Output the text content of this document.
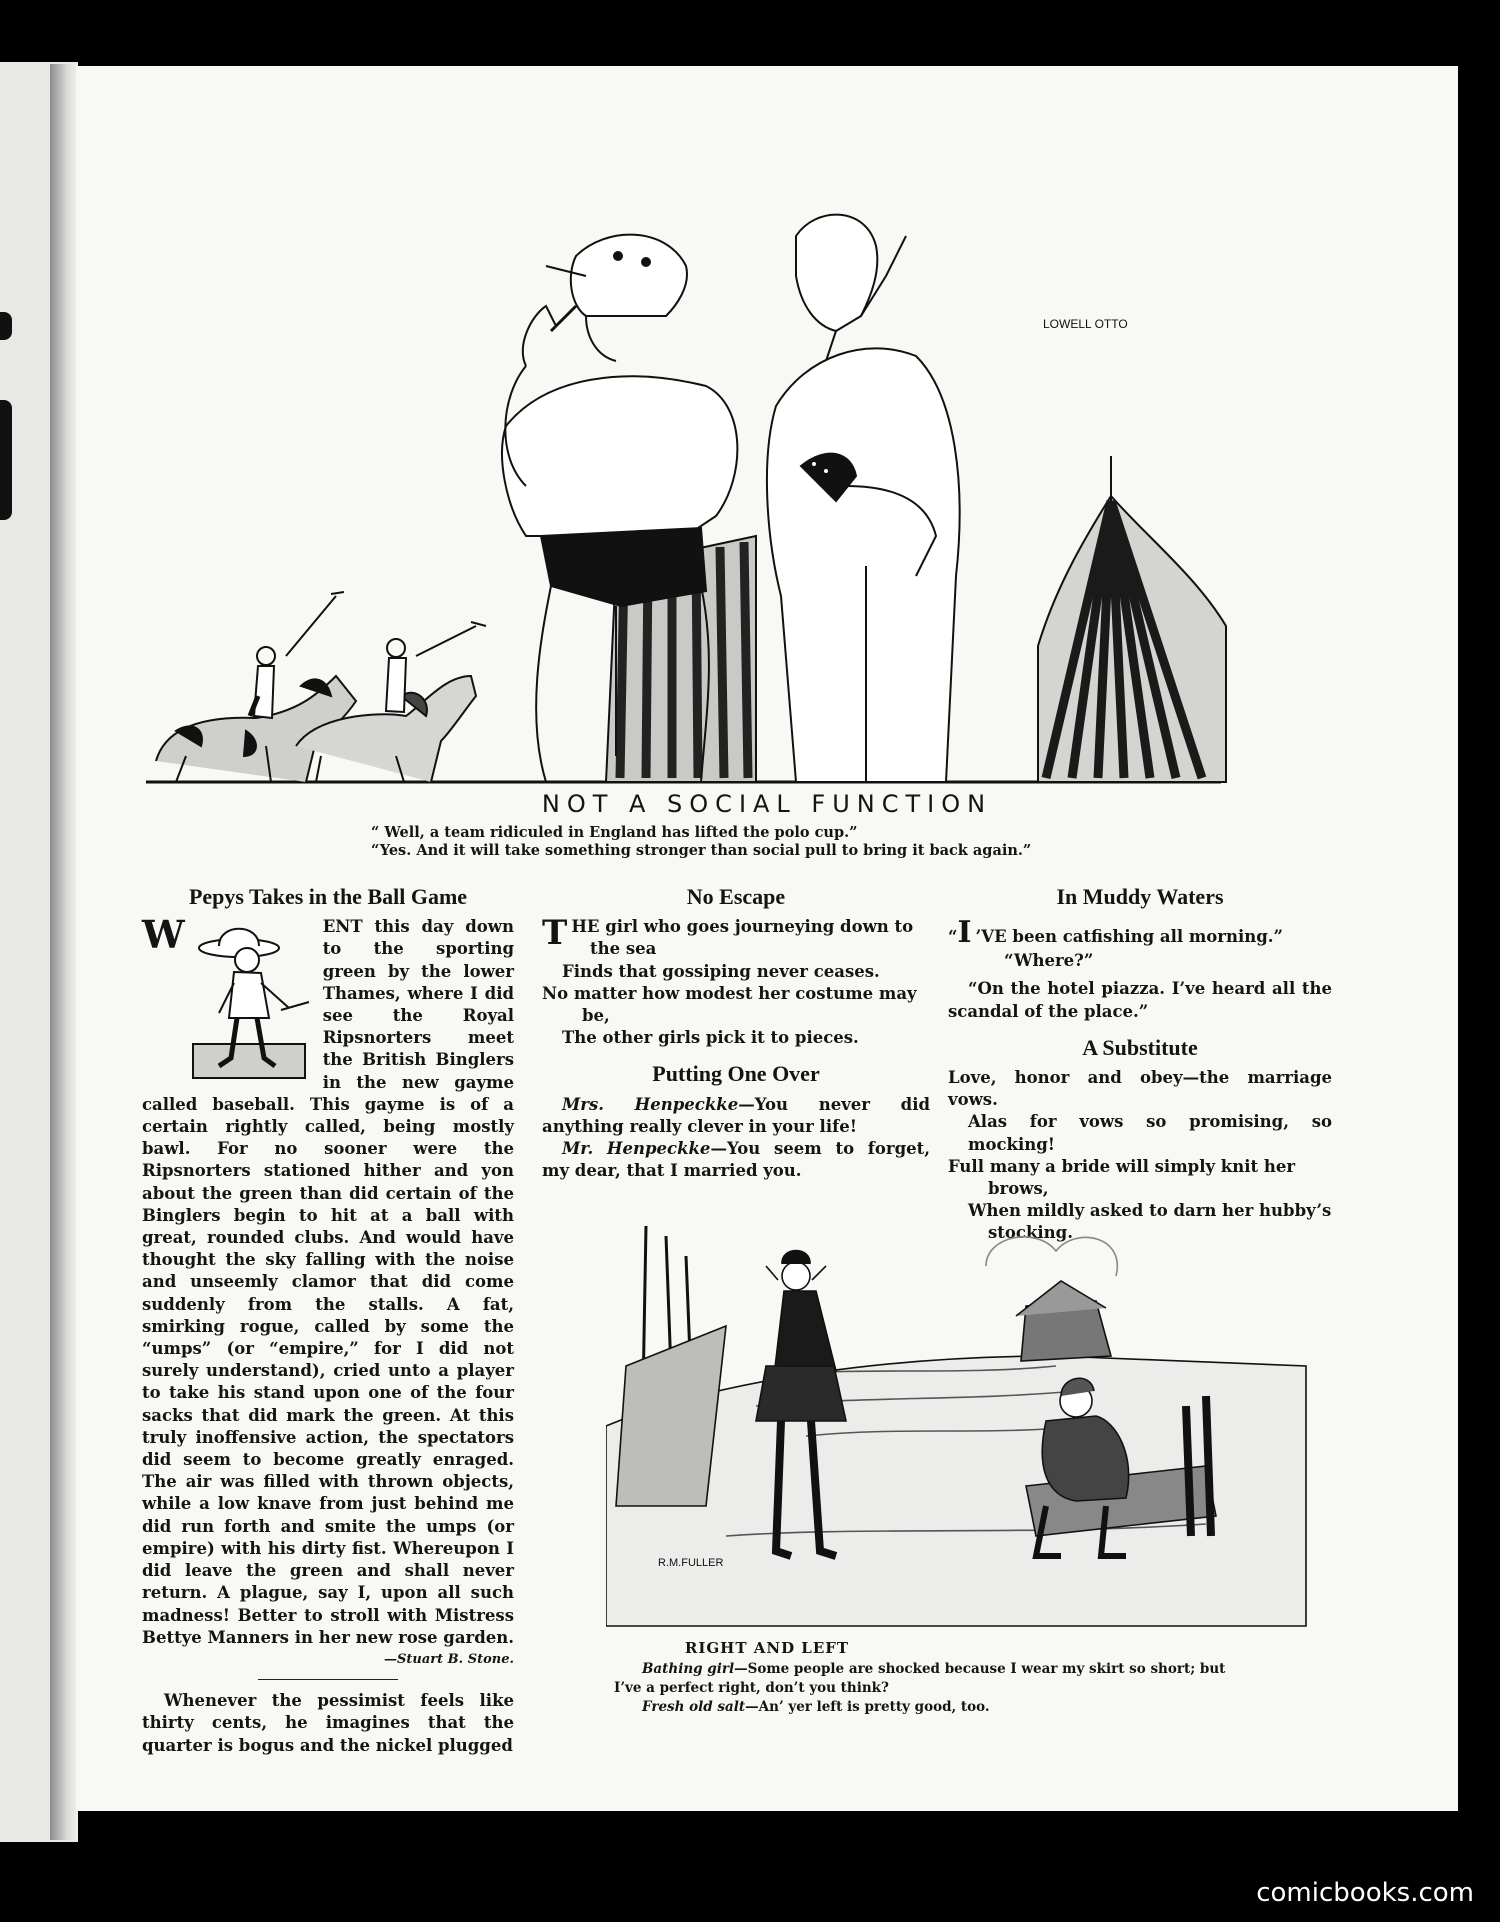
LOWELL OTTO
NOT A SOCIAL FUNCTION
“ Well, a team ridiculed in England has lifted the polo cup.”
“Yes. And it will take something stronger than social pull to bring it back again.”
Pepys Takes in the Ball Game

W	ENT this day down to the sporting green by the lower Thames, where I did see the Royal Ripsnorters meet the British Binglers in the new gayme called baseball. This gayme is of a certain rightly called, being mostly bawl. For no sooner were the Ripsnorters stationed hither and yon about the green than did certain of the Binglers begin to hit at a ball with great, rounded clubs. And would have thought the sky falling with the noise and unseemly clamor that did come suddenly from the stalls. A fat, smirking rogue, called by some the “umps” (or “empire,” for I did not surely understand), cried unto a player to take his stand upon one of the four sacks that did mark the green. At this truly inoffensive action, the spectators did seem to become greatly enraged. The air was filled with thrown objects, while a low knave from just behind me did run forth and smite the umps (or empire) with his dirty fist. Whereupon I did leave the green and shall never return. A plague, say I, upon all such madness! Better to stroll with Mistress Bettye Manners in her new rose garden.

—Stuart B. Stone.

Whenever the pessimist feels like thirty cents, he imagines that the quarter is bogus and the nickel plugged

No Escape

THE girl who goes journeying down to

the sea

Finds that gossiping never ceases.

No matter how modest her costume may

be,

The other girls pick it to pieces.

Putting One Over

Mrs. Henpeckke—You never did anything really clever in your life!

Mr. Henpeckke—You seem to forget, my dear, that I married you.

In Muddy Waters

“I ’VE been catfishing all morning.”

“Where?”

“On the hotel piazza. I’ve heard all the scandal of the place.”

A Substitute

Love, honor and obey—the marriage vows.

Alas for vows so promising, so mocking!

Full many a bride will simply knit her

brows,

When mildly asked to darn her hubby’s

stocking.

R.M.FULLER
RIGHT AND LEFT
Bathing girl—Some people are shocked because I wear my skirt so short; but
I’ve a perfect right, don’t you think?
Fresh old salt—An’ yer left is pretty good, too.
comicbooks.com
